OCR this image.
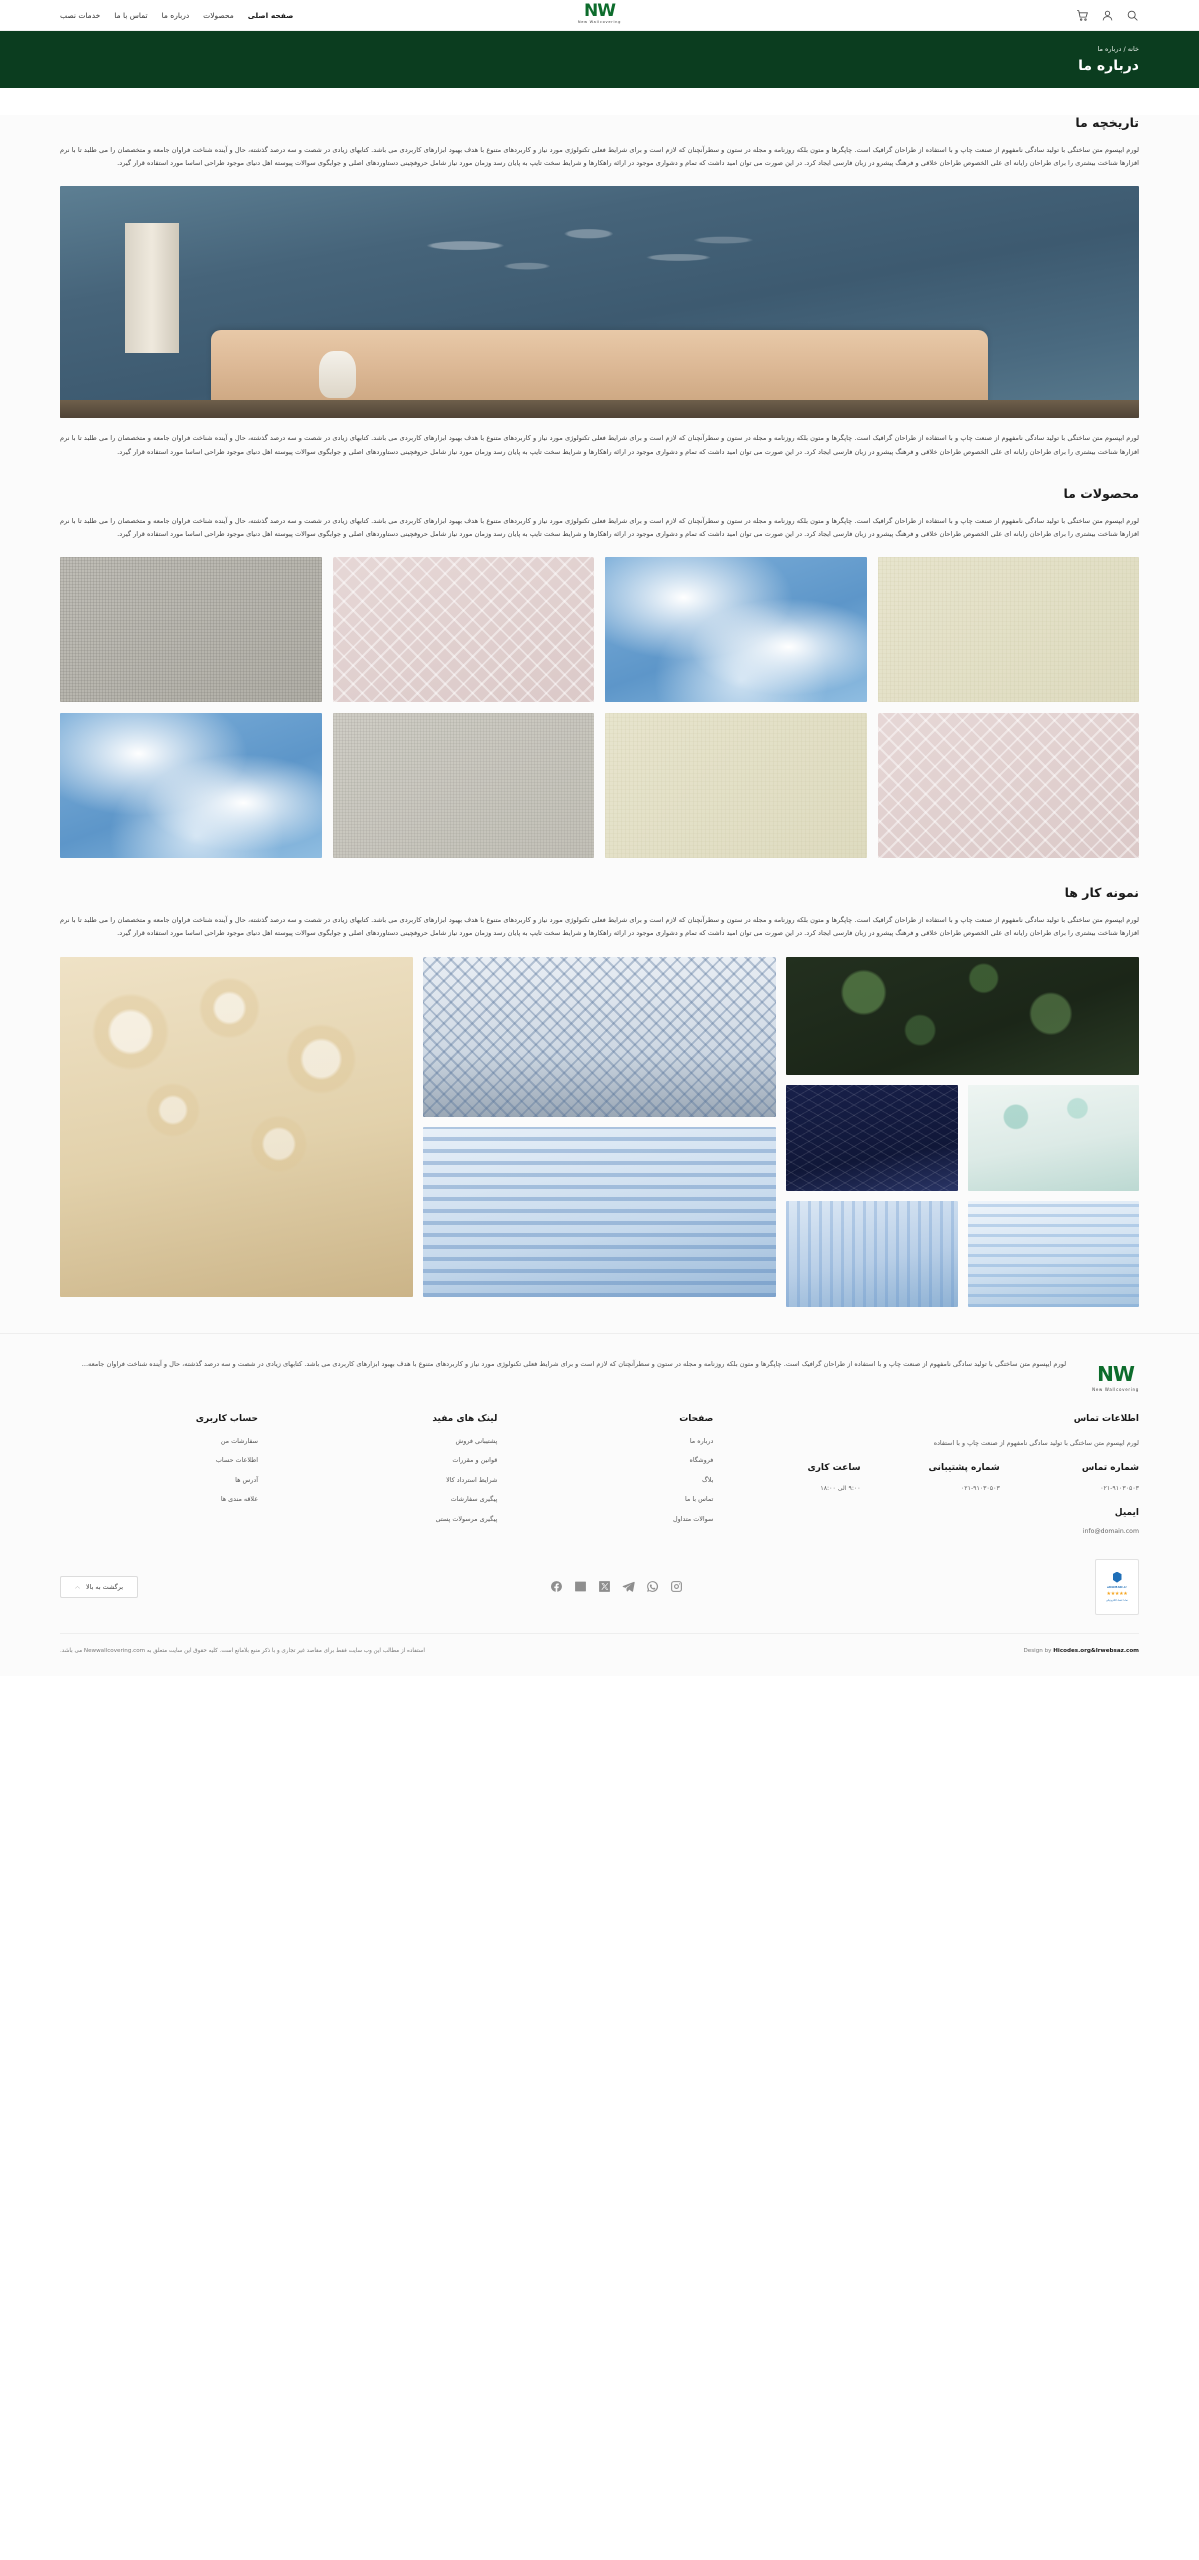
NW
New Wallcovering
صفحه اصلی
محصولات
درباره ما
تماس با ما
خدمات نصب
خانه / درباره ما
درباره ما
تاریخچه ما
لورم ایپسوم متن ساختگی با تولید سادگی نامفهوم از صنعت چاپ و با استفاده از طراحان گرافیک است. چاپگرها و متون بلکه روزنامه و مجله در ستون و سطرآنچنان که لازم است و برای شرایط فعلی تکنولوژی مورد نیاز و کاربردهای متنوع با هدف بهبود ابزارهای کاربردی می باشد. کتابهای زیادی در شصت و سه درصد گذشته، حال و آینده شناخت فراوان جامعه و متخصصان را می طلبد تا با نرم افزارها شناخت بیشتری را برای طراحان رایانه ای علی الخصوص طراحان خلاقی و فرهنگ پیشرو در زبان فارسی ایجاد کرد. در این صورت می توان امید داشت که تمام و دشواری موجود در ارائه راهکارها و شرایط سخت تایپ به پایان رسد وزمان مورد نیاز شامل حروفچینی دستاوردهای اصلی و جوابگوی سوالات پیوسته اهل دنیای موجود طراحی اساسا مورد استفاده قرار گیرد.
لورم ایپسوم متن ساختگی با تولید سادگی نامفهوم از صنعت چاپ و با استفاده از طراحان گرافیک است. چاپگرها و متون بلکه روزنامه و مجله در ستون و سطرآنچنان که لازم است و برای شرایط فعلی تکنولوژی مورد نیاز و کاربردهای متنوع با هدف بهبود ابزارهای کاربردی می باشد. کتابهای زیادی در شصت و سه درصد گذشته، حال و آینده شناخت فراوان جامعه و متخصصان را می طلبد تا با نرم افزارها شناخت بیشتری را برای طراحان رایانه ای علی الخصوص طراحان خلاقی و فرهنگ پیشرو در زبان فارسی ایجاد کرد. در این صورت می توان امید داشت که تمام و دشواری موجود در ارائه راهکارها و شرایط سخت تایپ به پایان رسد وزمان مورد نیاز شامل حروفچینی دستاوردهای اصلی و جوابگوی سوالات پیوسته اهل دنیای موجود طراحی اساسا مورد استفاده قرار گیرد.
محصولات ما
لورم ایپسوم متن ساختگی با تولید سادگی نامفهوم از صنعت چاپ و با استفاده از طراحان گرافیک است. چاپگرها و متون بلکه روزنامه و مجله در ستون و سطرآنچنان که لازم است و برای شرایط فعلی تکنولوژی مورد نیاز و کاربردهای متنوع با هدف بهبود ابزارهای کاربردی می باشد. کتابهای زیادی در شصت و سه درصد گذشته، حال و آینده شناخت فراوان جامعه و متخصصان را می طلبد تا با نرم افزارها شناخت بیشتری را برای طراحان رایانه ای علی الخصوص طراحان خلاقی و فرهنگ پیشرو در زبان فارسی ایجاد کرد. در این صورت می توان امید داشت که تمام و دشواری موجود در ارائه راهکارها و شرایط سخت تایپ به پایان رسد وزمان مورد نیاز شامل حروفچینی دستاوردهای اصلی و جوابگوی سوالات پیوسته اهل دنیای موجود طراحی اساسا مورد استفاده قرار گیرد.
نمونه کار ها
لورم ایپسوم متن ساختگی با تولید سادگی نامفهوم از صنعت چاپ و با استفاده از طراحان گرافیک است. چاپگرها و متون بلکه روزنامه و مجله در ستون و سطرآنچنان که لازم است و برای شرایط فعلی تکنولوژی مورد نیاز و کاربردهای متنوع با هدف بهبود ابزارهای کاربردی می باشد. کتابهای زیادی در شصت و سه درصد گذشته، حال و آینده شناخت فراوان جامعه و متخصصان را می طلبد تا با نرم افزارها شناخت بیشتری را برای طراحان رایانه ای علی الخصوص طراحان خلاقی و فرهنگ پیشرو در زبان فارسی ایجاد کرد. در این صورت می توان امید داشت که تمام و دشواری موجود در ارائه راهکارها و شرایط سخت تایپ به پایان رسد وزمان مورد نیاز شامل حروفچینی دستاوردهای اصلی و جوابگوی سوالات پیوسته اهل دنیای موجود طراحی اساسا مورد استفاده قرار گیرد.
NW
New Wallcovering
لورم ایپسوم متن ساختگی با تولید سادگی نامفهوم از صنعت چاپ و با استفاده از طراحان گرافیک است. چاپگرها و متون بلکه روزنامه و مجله در ستون و سطرآنچنان که لازم است و برای شرایط فعلی تکنولوژی مورد نیاز و کاربردهای متنوع با هدف بهبود ابزارهای کاربردی می باشد. کتابهای زیادی در شصت و سه درصد گذشته، حال و آینده شناخت فراوان جامعه...
اطلاعات تماس
لورم ایپسوم متن ساختگی با تولید سادگی نامفهوم از صنعت چاپ و با استفاده
شماره تماس
۰۲۱-۹۱۰۳۰۵۰۳
شماره پشتیبانی
۰۲۱-۹۱۰۳۰۵۰۳
ساعت کاری
۹:۰۰ الی ۱۸:۰۰
ایمیل
info@domain.com
صفحات
درباره ما
فروشگاه
بلاگ
تماس با ما
سوالات متداول
لینک های مفید
پشتیبانی فروش
قوانین و مقررات
شرایط استرداد کالا
پیگیری سفارشات
پیگیری مرسولات پستی
حساب کاربری
سفارشات من
اطلاعات حساب
آدرس ها
علاقه مندی ها
eNAMAD.ir
★★★★★
نماد اعتماد الکترونیکی
برگشت به بالا
︿
Design by Hicodes.org&Irwebsaz.com
استفاده از مطالب این وب سایت فقط برای مقاصد غیر تجاری و با ذکر منبع بلامانع است. کلیه حقوق این سایت متعلق به Newwallcovering.com می باشد.
